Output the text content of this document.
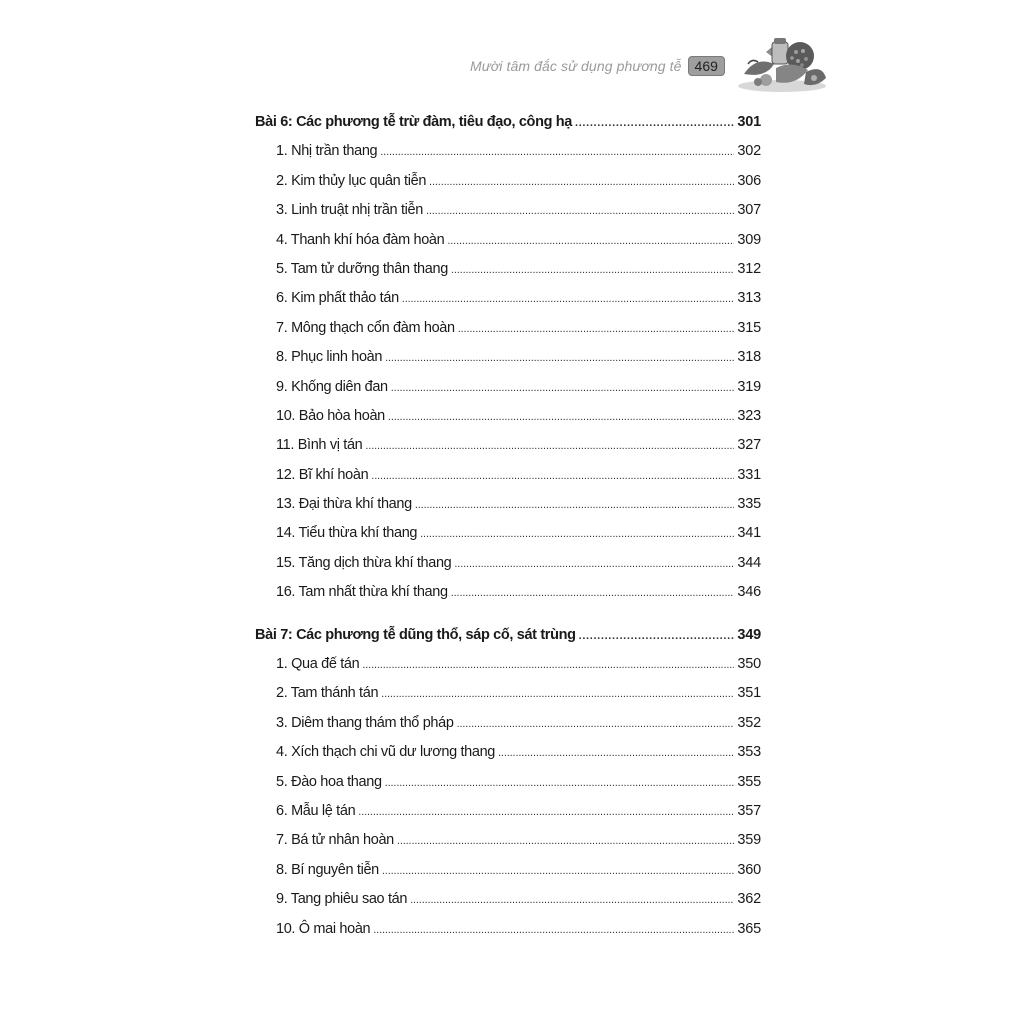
Mười tâm đắc sử dụng phương tễ 469
Bài 6: Các phương tễ trừ đàm, tiêu đạo, công hạ . . .	301
1. Nhị trần thang . . .	302
2. Kim thủy lục quân tiễn . . .	306
3. Linh truật nhị trần tiễn . . .	307
4. Thanh khí hóa đàm hoàn . . .	309
5. Tam tử dưỡng thân thang . . .	312
6. Kim phất thảo tán . . .	313
7. Mông thạch cổn đàm hoàn . . .	315
8. Phục linh hoàn . . .	318
9. Khống diên đan . . .	319
10. Bảo hòa hoàn . . .	323
11. Bình vị tán . . .	327
12. Bĩ khí hoàn . . .	331
13. Đại thừa khí thang . . .	335
14. Tiểu thừa khí thang . . .	341
15. Tăng dịch thừa khí thang . . .	344
16. Tam nhất thừa khí thang . . .	346
Bài 7: Các phương tễ dũng thổ, sáp cố, sát trùng . . .	349
1. Qua đế tán . . .	350
2. Tam thánh tán . . .	351
3. Diêm thang thám thổ pháp . . .	352
4. Xích thạch chi vũ dư lương thang . . .	353
5. Đào hoa thang . . .	355
6. Mẫu lệ tán . . .	357
7. Bá tử nhân hoàn . . .	359
8. Bí nguyên tiễn . . .	360
9. Tang phiêu sao tán . . .	362
10. Ô mai hoàn . . .	365
